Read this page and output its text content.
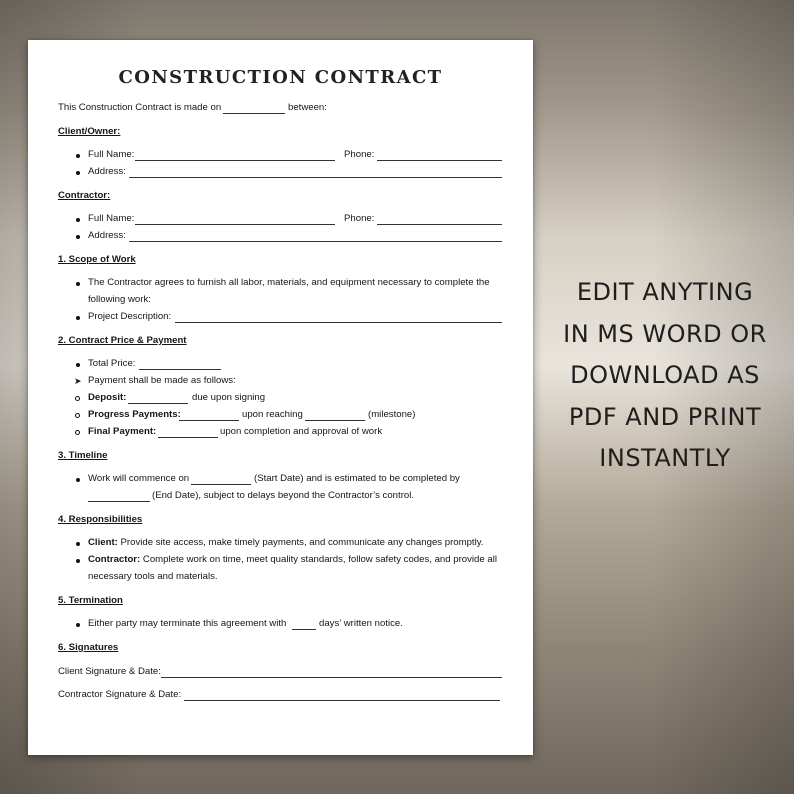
CONSTRUCTION CONTRACT
This Construction Contract is made on	between:
Client/Owner:
Full Name:	Phone:
Address:
Contractor:
Full Name:	Phone:
Address:
1. Scope of Work
The Contractor agrees to furnish all labor, materials, and equipment necessary to complete the
following work:
Project Description:
2. Contract Price & Payment
Total Price:
➤ Payment shall be made as follows:
Deposit:	due upon signing
Progress Payments:	upon reaching	(milestone)
Final Payment:	upon completion and approval of work
3. Timeline
Work will commence on	(Start Date) and is estimated to be completed by
(End Date), subject to delays beyond the Contractor’s control.
4. Responsibilities
Client: Provide site access, make timely payments, and communicate any changes promptly.
Contractor: Complete work on time, meet quality standards, follow safety codes, and provide all
necessary tools and materials.
5. Termination
Either party may terminate this agreement with	days’ written notice.
6. Signatures
Client Signature & Date:
Contractor Signature & Date:
EDIT ANYTING
IN MS WORD OR
DOWNLOAD AS
PDF AND PRINT
INSTANTLY
